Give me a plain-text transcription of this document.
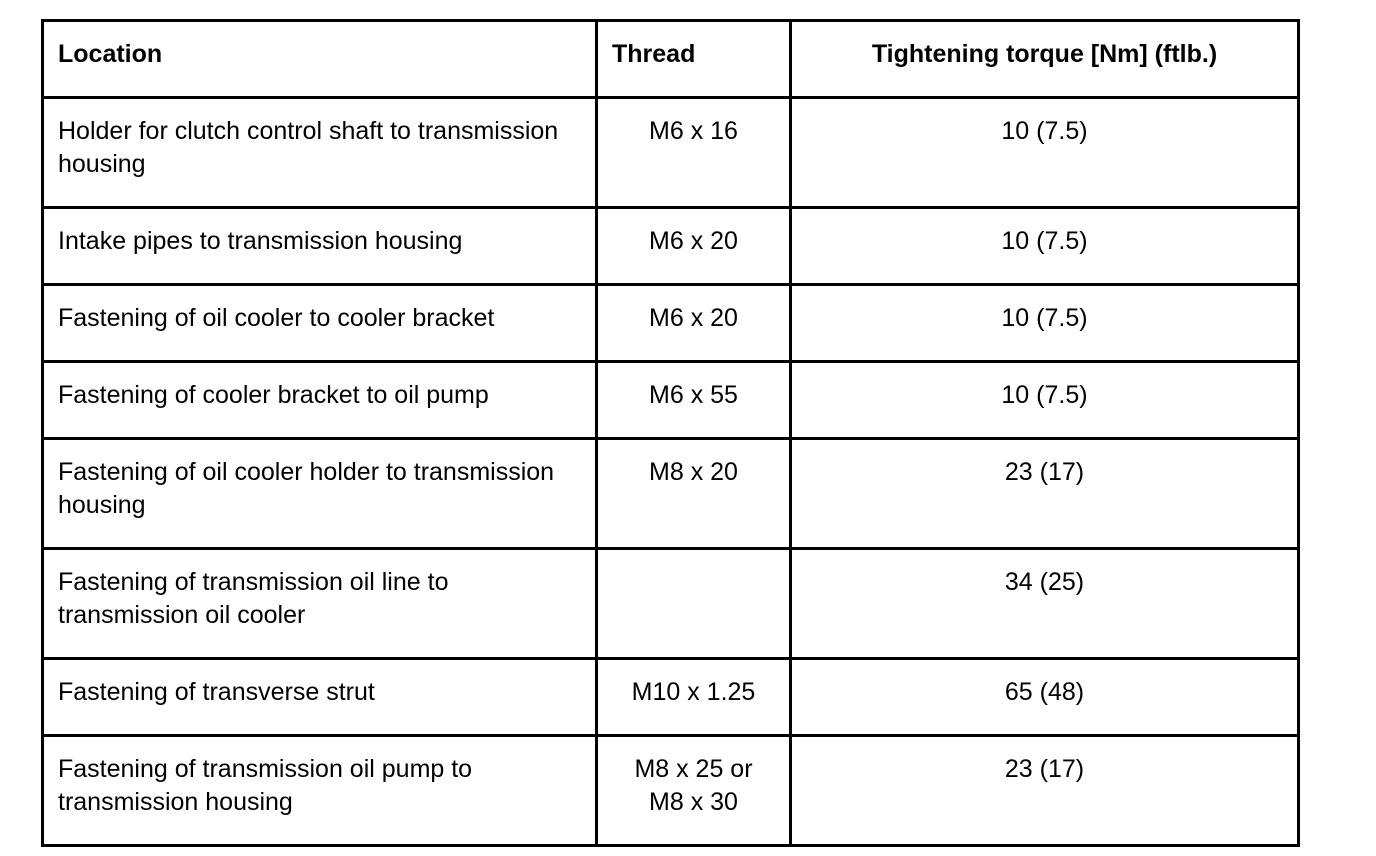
Location	Thread	Tightening torque [Nm] (ftlb.)
Holder for clutch control shaft to transmission housing	M6 x 16	10 (7.5)
Intake pipes to transmission housing	M6 x 20	10 (7.5)
Fastening of oil cooler to cooler bracket	M6 x 20	10 (7.5)
Fastening of cooler bracket to oil pump	M6 x 55	10 (7.5)
Fastening of oil cooler holder to transmission housing	M8 x 20	23 (17)
Fastening of transmission oil line to transmission oil cooler		34 (25)
Fastening of transverse strut	M10 x 1.25	65 (48)
Fastening of transmission oil pump to transmission housing	M8 x 25 or M8 x 30	23 (17)
